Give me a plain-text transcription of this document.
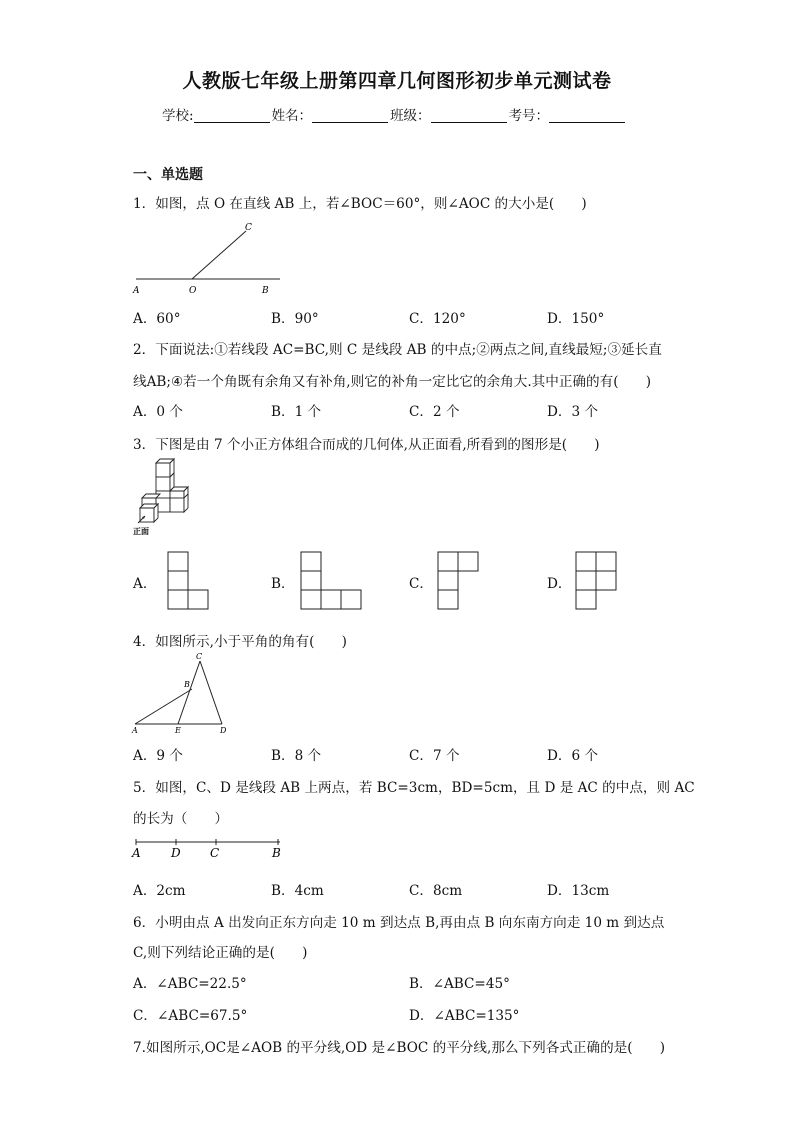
人教版七年级上册第四章几何图形初步单元测试卷
学校:	姓名：	班级：	考号：
一、单选题
1．如图，点 O 在直线 AB 上，若∠BOC＝60°，则∠AOC 的大小是(　　)
A	O	B
C
A．60°	B．90°	C．120°	D．150°
2．下面说法:①若线段 AC=BC,则 C 是线段 AB 的中点;②两点之间,直线最短;③延长直
线AB;④若一个角既有余角又有补角,则它的补角一定比它的余角大.其中正确的有(　　)
A．0 个	B．1 个	C．2 个	D．3 个
3．下图是由 7 个小正方体组合而成的几何体,从正面看,所看到的图形是(　　)
正面
A．	B．	C．	D．
4．如图所示,小于平角的角有(　　)
A	E	D
B
C
A．9 个	B．8 个	C．7 个	D．6 个
5．如图，C、D 是线段 AB 上两点，若 BC=3cm，BD=5cm，且 D 是 AC 的中点，则 AC
的长为（　　）
A	D C	B
A．2cm	B．4cm	C．8cm	D．13cm
6．小明由点 A 出发向正东方向走 10 m 到达点 B,再由点 B 向东南方向走 10 m 到达点
C,则下列结论正确的是(　　)
A．∠ABC=22.5°	B．∠ABC=45°
C．∠ABC=67.5°	D．∠ABC=135°
7.如图所示,OC是∠AOB 的平分线,OD 是∠BOC 的平分线,那么下列各式正确的是(　　)
